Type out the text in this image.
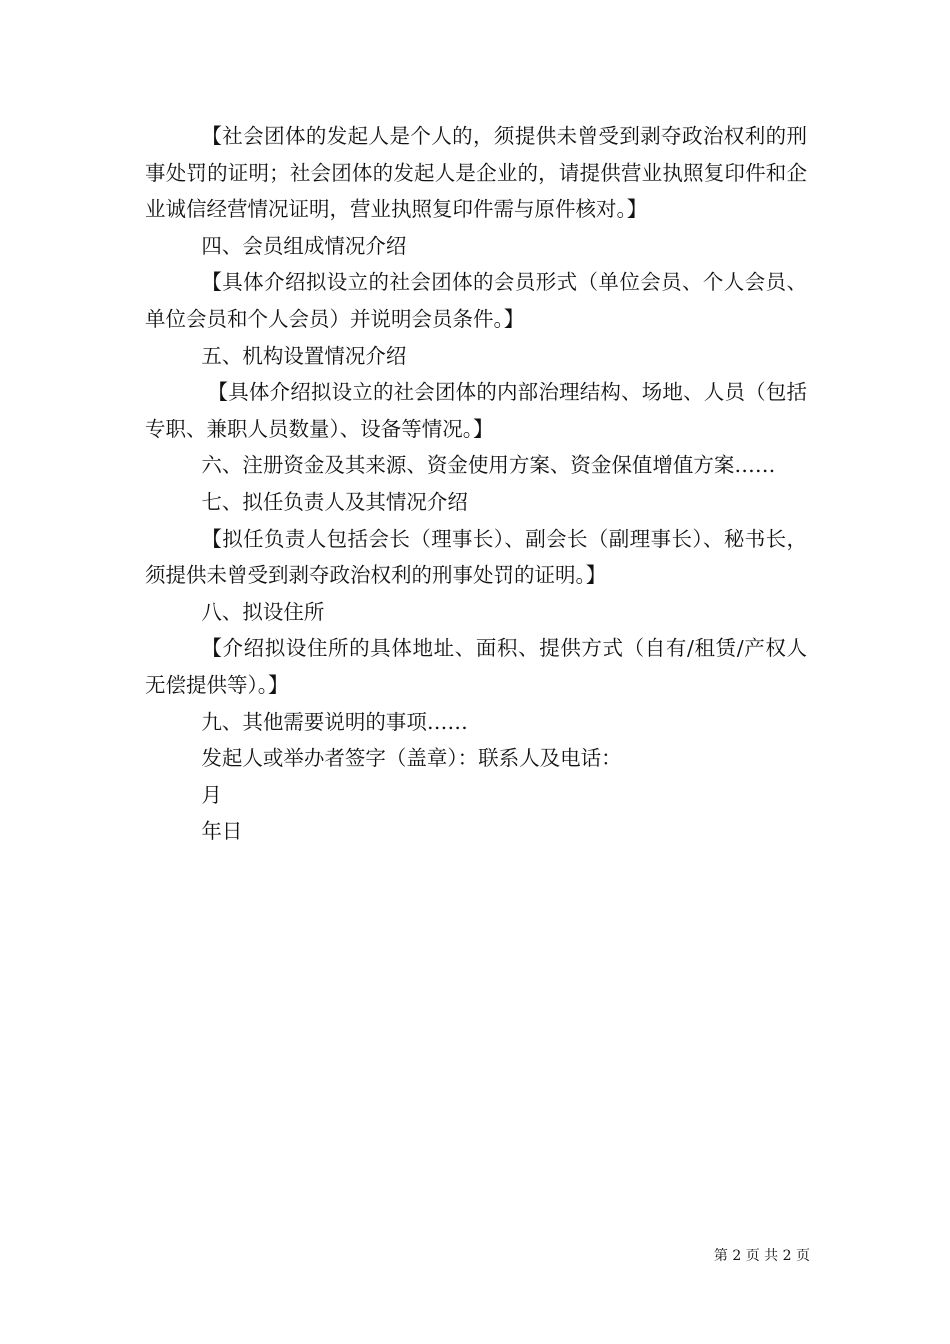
【社会团体的发起人是个人的，须提供未曾受到剥夺政治权利的刑事处罚的证明；社会团体的发起人是企业的，请提供营业执照复印件和企业诚信经营情况证明，营业执照复印件需与原件核对。】

四、会员组成情况介绍

【具体介绍拟设立的社会团体的会员形式（单位会员、个人会员、单位会员和个人会员）并说明会员条件。】

五、机构设置情况介绍

【具体介绍拟设立的社会团体的内部治理结构、场地、人员（包括专职、兼职人员数量）、设备等情况。】

六、注册资金及其来源、资金使用方案、资金保值增值方案……

七、拟任负责人及其情况介绍

【拟任负责人包括会长（理事长）、副会长（副理事长）、秘书长，须提供未曾受到剥夺政治权利的刑事处罚的证明。】

八、拟设住所

【介绍拟设住所的具体地址、面积、提供方式（自有/租赁/产权人无偿提供等）。】

九、其他需要说明的事项……

发起人或举办者签字（盖章）：联系人及电话：

月

年日

第 2 页 共 2 页
